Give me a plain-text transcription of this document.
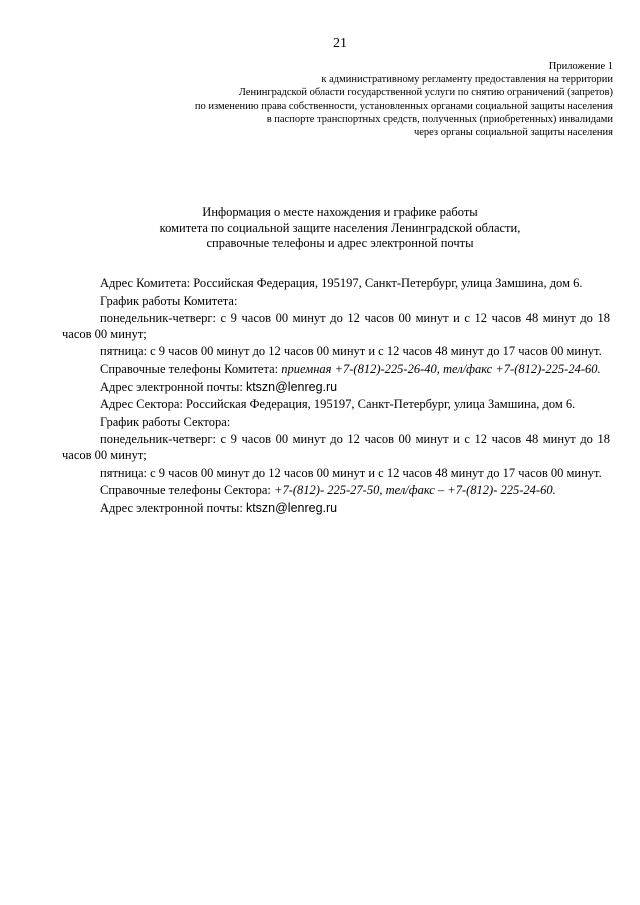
21
Приложение 1
к административному регламенту предоставления на территории
Ленинградской области государственной услуги по снятию ограничений (запретов)
по изменению права собственности, установленных органами социальной защиты населения
в паспорте транспортных средств, полученных (приобретенных) инвалидами
через органы социальной защиты населения
Информация о месте нахождения и графике работы
комитета по социальной защите населения Ленинградской области,
справочные телефоны и адрес электронной почты

Адрес Комитета: Российская Федерация, 195197, Санкт-Петербург, улица Замшина, дом 6.

График работы Комитета:

понедельник-четверг: с 9 часов 00 минут до 12 часов 00 минут и с 12 часов 48 минут до 18 часов 00 минут;

пятница: с 9 часов 00 минут до 12 часов 00 минут и с 12 часов 48 минут до 17 часов 00 минут.

Справочные телефоны Комитета: приемная +7-(812)-225-26-40, тел/факс +7-(812)-225-24-60.

Адрес электронной почты: ktszn@lenreg.ru

Адрес Сектора: Российская Федерация, 195197, Санкт-Петербург, улица Замшина, дом 6.

График работы Сектора:

понедельник-четверг: с 9 часов 00 минут до 12 часов 00 минут и с 12 часов 48 минут до 18 часов 00 минут;

пятница: с 9 часов 00 минут до 12 часов 00 минут и с 12 часов 48 минут до 17 часов 00 минут.

Справочные телефоны Сектора: +7-(812)- 225-27-50, тел/факс – +7-(812)- 225-24-60.

Адрес электронной почты: ktszn@lenreg.ru
